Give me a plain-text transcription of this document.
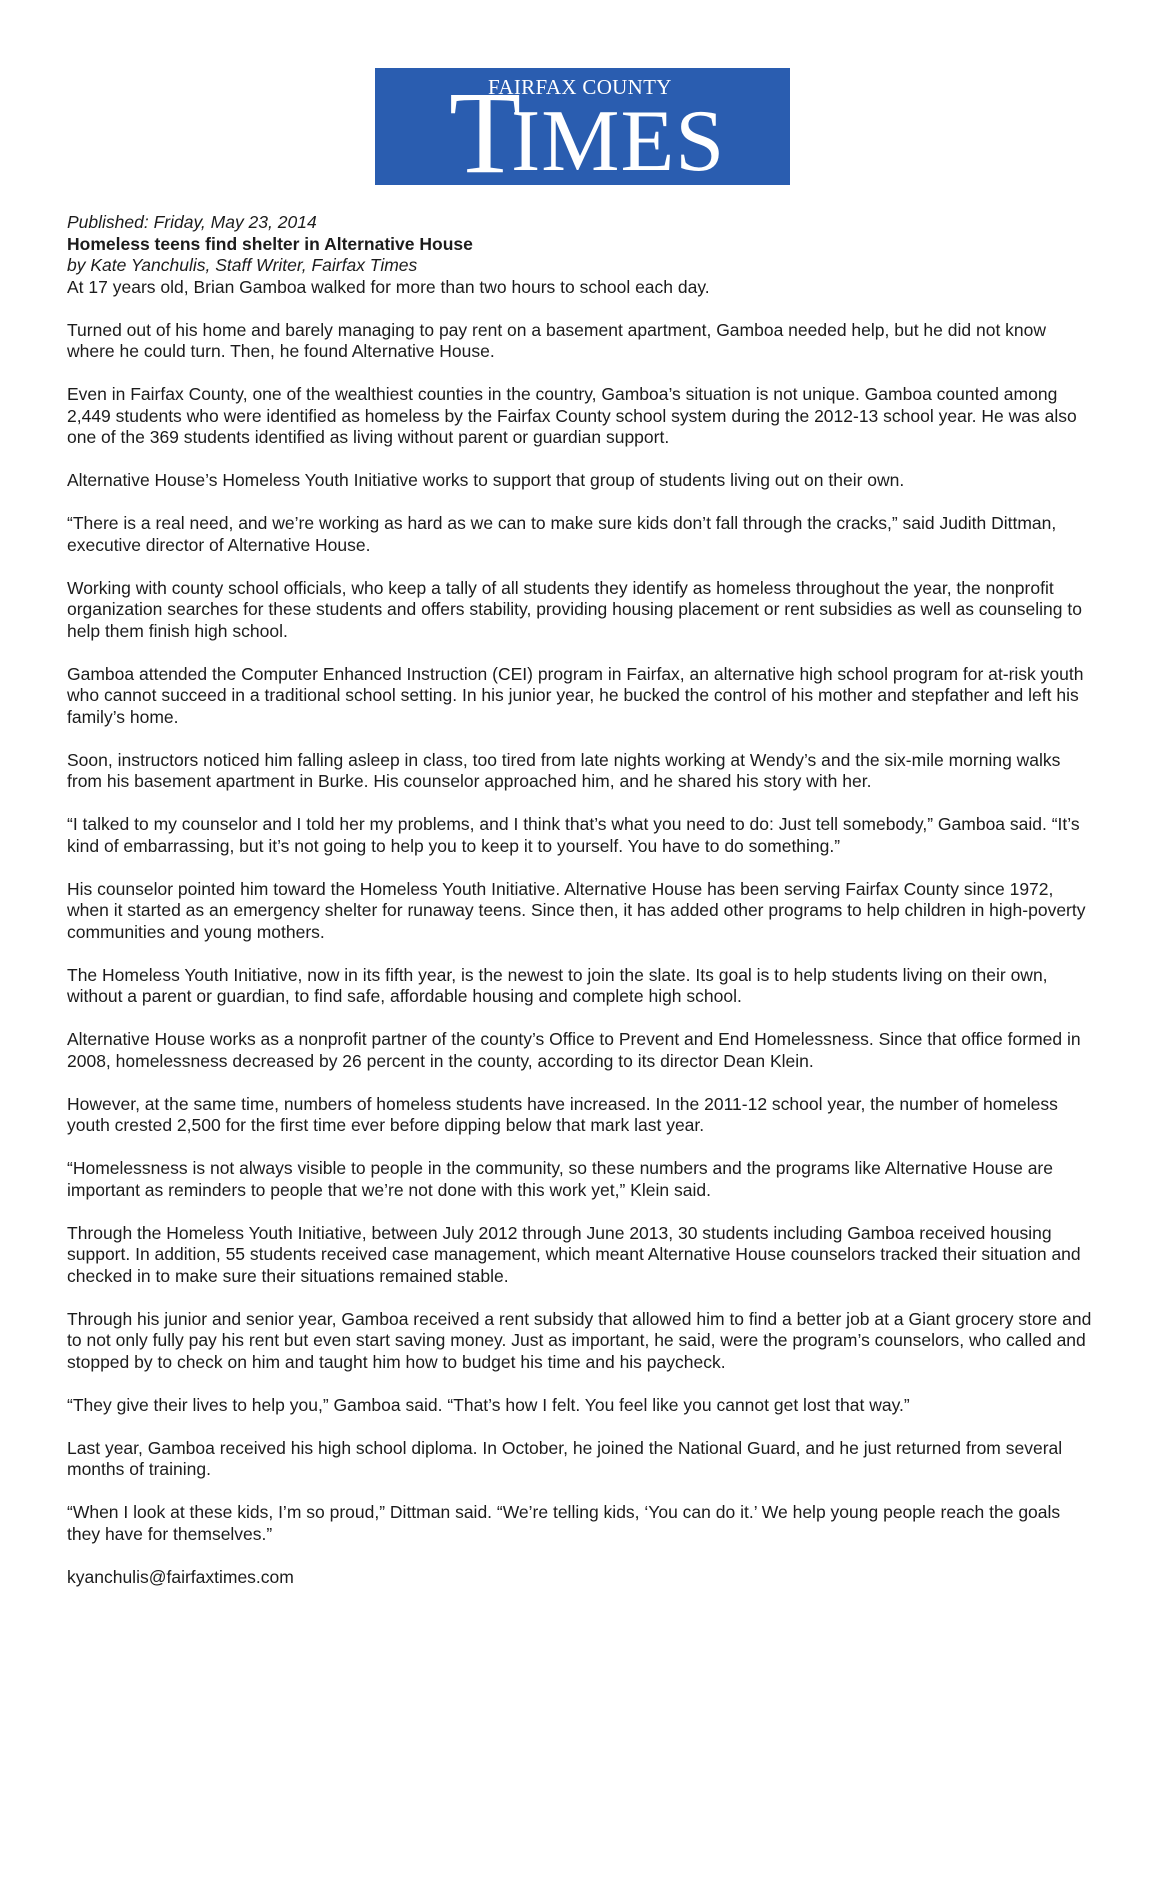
T
FAIRFAX COUNTY
IMES

Published: Friday, May 23, 2014

Homeless teens find shelter in Alternative House

by Kate Yanchulis, Staff Writer, Fairfax Times

At 17 years old, Brian Gamboa walked for more than two hours to school each day.

Turned out of his home and barely managing to pay rent on a basement apartment, Gamboa needed help, but he did not know where he could turn. Then, he found Alternative House.

Even in Fairfax County, one of the wealthiest counties in the country, Gamboa’s situation is not unique. Gamboa counted among 2,449 students who were identified as homeless by the Fairfax County school system during the 2012-13 school year. He was also one of the 369 students identified as living without parent or guardian support.

Alternative House’s Homeless Youth Initiative works to support that group of students living out on their own.

“There is a real need, and we’re working as hard as we can to make sure kids don’t fall through the cracks,” said Judith Dittman, executive director of Alternative House.

Working with county school officials, who keep a tally of all students they identify as homeless throughout the year, the nonprofit organization searches for these students and offers stability, providing housing placement or rent subsidies as well as counseling to help them finish high school.

Gamboa attended the Computer Enhanced Instruction (CEI) program in Fairfax, an alternative high school program for at-risk youth who cannot succeed in a traditional school setting. In his junior year, he bucked the control of his mother and stepfather and left his family’s home.

Soon, instructors noticed him falling asleep in class, too tired from late nights working at Wendy’s and the six-mile morning walks from his basement apartment in Burke. His counselor approached him, and he shared his story with her.

“I talked to my counselor and I told her my problems, and I think that’s what you need to do: Just tell somebody,” Gamboa said. “It’s kind of embarrassing, but it’s not going to help you to keep it to yourself. You have to do something.”

His counselor pointed him toward the Homeless Youth Initiative. Alternative House has been serving Fairfax County since 1972, when it started as an emergency shelter for runaway teens. Since then, it has added other programs to help children in high-poverty communities and young mothers.

The Homeless Youth Initiative, now in its fifth year, is the newest to join the slate. Its goal is to help students living on their own, without a parent or guardian, to find safe, affordable housing and complete high school.

Alternative House works as a nonprofit partner of the county’s Office to Prevent and End Homelessness. Since that office formed in 2008, homelessness decreased by 26 percent in the county, according to its director Dean Klein.

However, at the same time, numbers of homeless students have increased. In the 2011-12 school year, the number of homeless youth crested 2,500 for the first time ever before dipping below that mark last year.

“Homelessness is not always visible to people in the community, so these numbers and the programs like Alternative House are important as reminders to people that we’re not done with this work yet,” Klein said.

Through the Homeless Youth Initiative, between July 2012 through June 2013, 30 students including Gamboa received housing support. In addition, 55 students received case management, which meant Alternative House counselors tracked their situation and checked in to make sure their situations remained stable.

Through his junior and senior year, Gamboa received a rent subsidy that allowed him to find a better job at a Giant grocery store and to not only fully pay his rent but even start saving money. Just as important, he said, were the program’s counselors, who called and stopped by to check on him and taught him how to budget his time and his paycheck.

“They give their lives to help you,” Gamboa said. “That’s how I felt. You feel like you cannot get lost that way.”

Last year, Gamboa received his high school diploma. In October, he joined the National Guard, and he just returned from several months of training.

“When I look at these kids, I’m so proud,” Dittman said. “We’re telling kids, ‘You can do it.’ We help young people reach the goals they have for themselves.”

kyanchulis@fairfaxtimes.com
